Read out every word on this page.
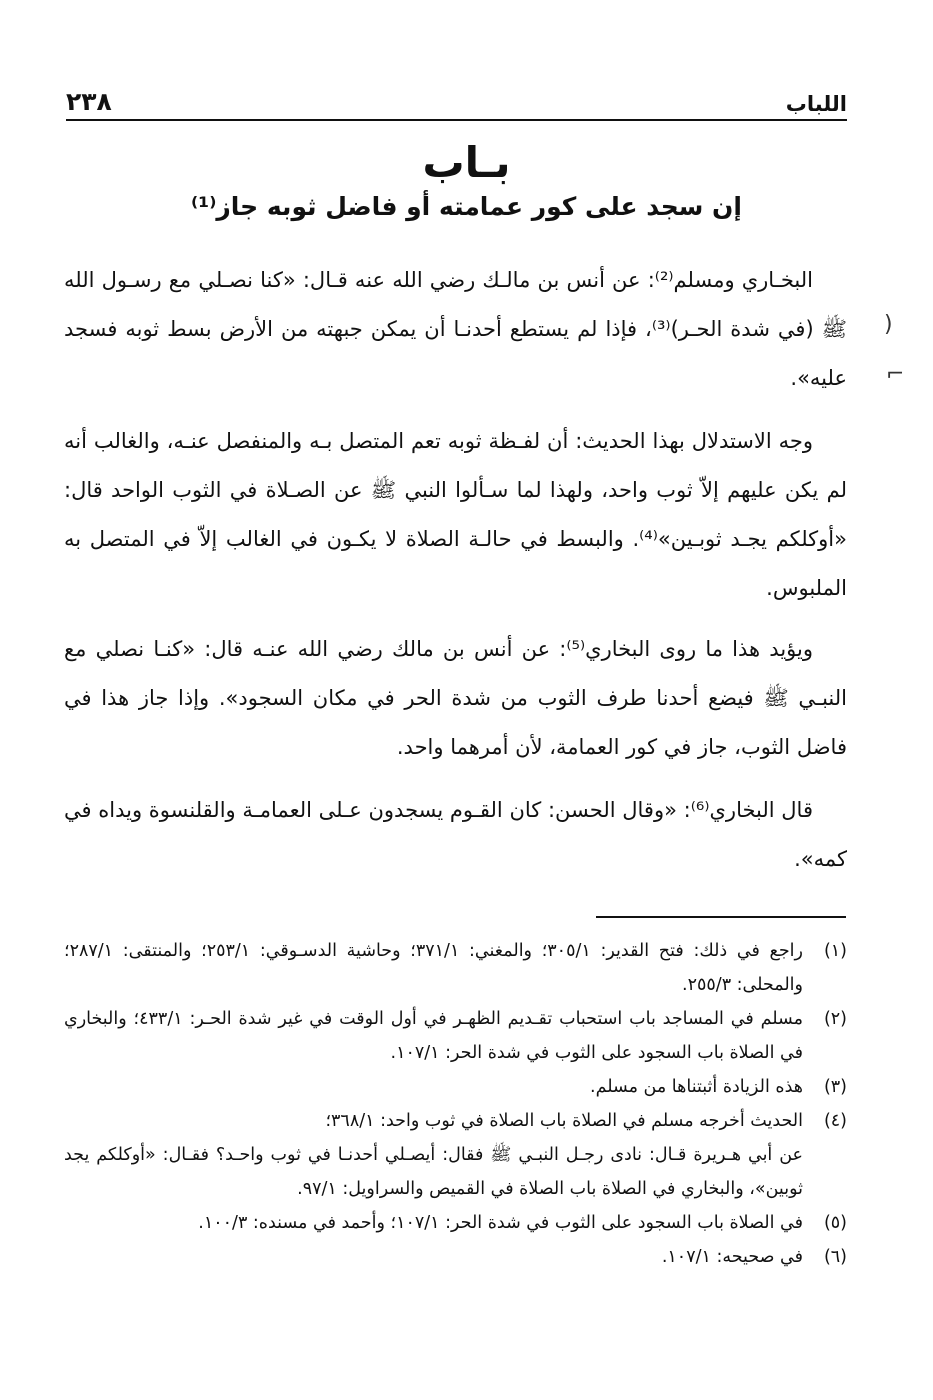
اللباب
٢٣٨
بـاب
إن سجد على كور عمامته أو فاضل ثوبه جاز⁽¹⁾

البخـاري ومسلم⁽²⁾: عن أنس بن مالـك رضي الله عنه قـال: «كنا نصـلي مع رسـول الله ﷺ (في شدة الحـر)⁽³⁾، فإذا لم يستطع أحدنـا أن يمكن جبهته من الأرض بسط ثوبه فسجد عليه».

وجه الاستدلال بهذا الحديث: أن لفـظة ثوبه تعم المتصل بـه والمنفصل عنـه، والغالب أنه لم يكن عليهم إلاّ ثوب واحد، ولهذا لما سـألوا النبي ﷺ عن الصـلاة في الثوب الواحد قال: «أوكلكم يجـد ثوبـين»⁽⁴⁾. والبسط في حالـة الصلاة لا يكـون في الغالب إلاّ في المتصل به الملبوس.

ويؤيد هذا ما روى البخاري⁽⁵⁾: عن أنس بن مالك رضي الله عنـه قال: «كنـا نصلي مع النبـي ﷺ فيضع أحدنا طرف الثوب من شدة الحر في مكان السجود». وإذا جاز هذا في فاضل الثوب، جاز في كور العمامة، لأن أمرهما واحد.

قال البخاري⁽⁶⁾: «وقال الحسن: كان القـوم يسجدون عـلى العمامـة والقلنسوة ويداه في كمه».

(١)
راجع في ذلك: فتح القدير: ٣٠٥/١؛ والمغني: ٣٧١/١؛ وحاشية الدسـوقي: ٢٥٣/١؛ والمنتقى: ٢٨٧/١؛ والمحلى: ٢٥٥/٣.
(٢)
مسلم في المساجد باب استحباب تقـديم الظهـر في أول الوقت في غير شدة الحـر: ٤٣٣/١؛ والبخاري في الصلاة باب السجود على الثوب في شدة الحر: ١٠٧/١.
(٣)
هذه الزيادة أثبتناها من مسلم.
(٤)
الحديث أخرجه مسلم في الصلاة باب الصلاة في ثوب واحد: ٣٦٨/١؛
عن أبي هـريرة قـال: نادى رجـل النبـي ﷺ فقال: أيصـلي أحدنـا في ثوب واحـد؟ فقـال: «أوكلكم يجد ثوبين»، والبخاري في الصلاة باب الصلاة في القميص والسراويل: ٩٧/١.
(٥)
في الصلاة باب السجود على الثوب في شدة الحر: ١٠٧/١؛ وأحمد في مسنده: ١٠٠/٣.
(٦)
في صحيحه: ١٠٧/١.
)
⌐
